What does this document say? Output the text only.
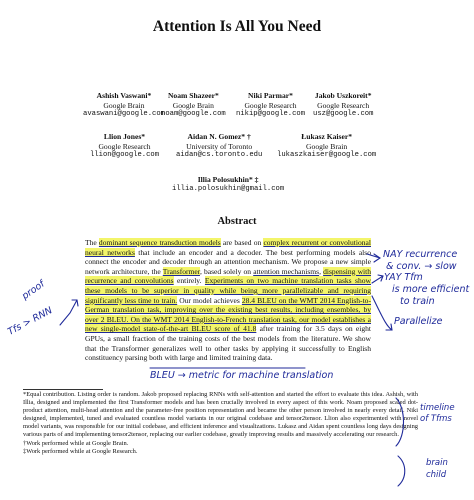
Attention Is All You Need
Ashish Vaswani*
Google Brain
avaswani@google.com
Noam Shazeer*
Google Brain
noam@google.com
Niki Parmar*
Google Research
nikip@google.com
Jakob Uszkoreit*
Google Research
usz@google.com
Llion Jones*
Google Research
llion@google.com
Aidan N. Gomez* †
University of Toronto
aidan@cs.toronto.edu
Łukasz Kaiser*
Google Brain
lukaszkaiser@google.com
Illia Polosukhin* ‡
illia.polosukhin@gmail.com
Abstract
The dominant sequence transduction models are based on complex recurrent or convolutional neural networks that include an encoder and a decoder. The best performing models also connect the encoder and decoder through an attention mechanism. We propose a new simple network architecture, the Transformer, based solely on attention mechanisms, dispensing with recurrence and convolutions entirely. Experiments on two machine translation tasks show these models to be superior in quality while being more parallelizable and requiring significantly less time to train. Our model achieves 28.4 BLEU on the WMT 2014 English-to-German translation task, improving over the existing best results, including ensembles, by over 2 BLEU. On the WMT 2014 English-to-French translation task, our model establishes a new single-model state-of-the-art BLEU score of 41.8 after training for 3.5 days on eight GPUs, a small fraction of the training costs of the best models from the literature. We show that the Transformer generalizes well to other tasks by applying it successfully to English constituency parsing both with large and limited training data.

*Equal contribution. Listing order is random. Jakob proposed replacing RNNs with self-attention and started the effort to evaluate this idea. Ashish, with Illia, designed and implemented the first Transformer models and has been crucially involved in every aspect of this work. Noam proposed scaled dot-product attention, multi-head attention and the parameter-free position representation and became the other person involved in nearly every detail. Niki designed, implemented, tuned and evaluated countless model variants in our original codebase and tensor2tensor. Llion also experimented with novel model variants, was responsible for our initial codebase, and efficient inference and visualizations. Lukasz and Aidan spent countless long days designing various parts of and implementing tensor2tensor, replacing our earlier codebase, greatly improving results and massively accelerating our research.

†Work performed while at Google Brain.

‡Work performed while at Google Research.

NAY recurrence
& conv. → slow
YAY Tfm
is more efficient
to train
Parallelize
proof
Tfs > RNN
BLEU → metric for machine translation
timeline
of Tfms
brain
child
